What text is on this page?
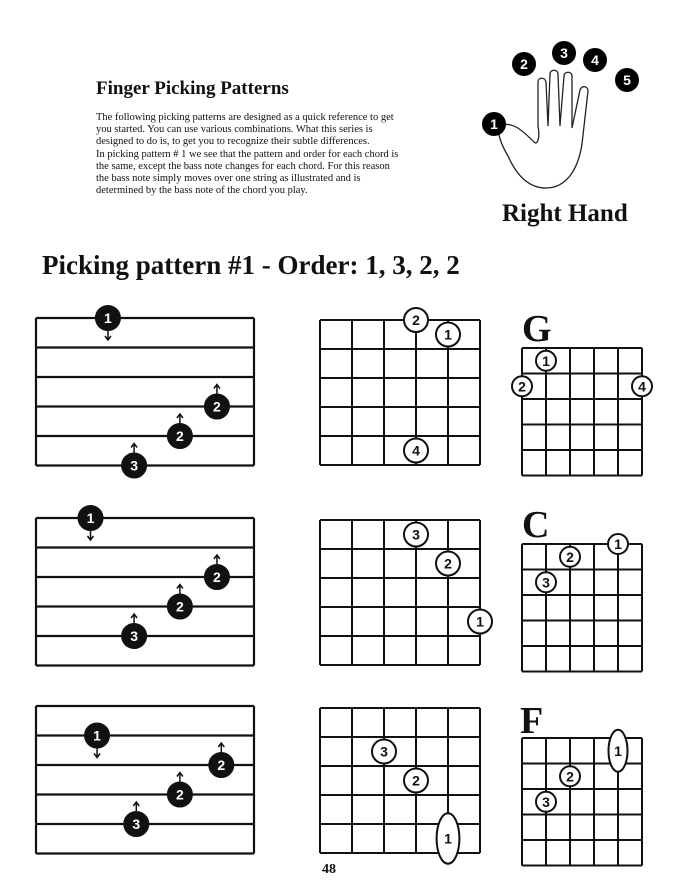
Finger Picking Patterns
The following picking patterns are designed as a quick reference to get
you started. You can use various combinations. What this series is
designed to do is, to get you to recognize their subtle differences.
In picking pattern # 1 we see that the pattern and order for each chord is
the same, except the bass note changes for each chord. For this reason
the bass note simply moves over one string as illustrated and is
determined by the bass note of the chord you play.
1
2
3 4
5
Right Hand
Picking pattern #1 - Order: 1, 3, 2, 2
1
2
2
3
2
1
4
G
1
2	4
1
2
2
3
3
2
1
C	1
2
3
1
2
2
3
3
2
1
F
1
2
3
48
